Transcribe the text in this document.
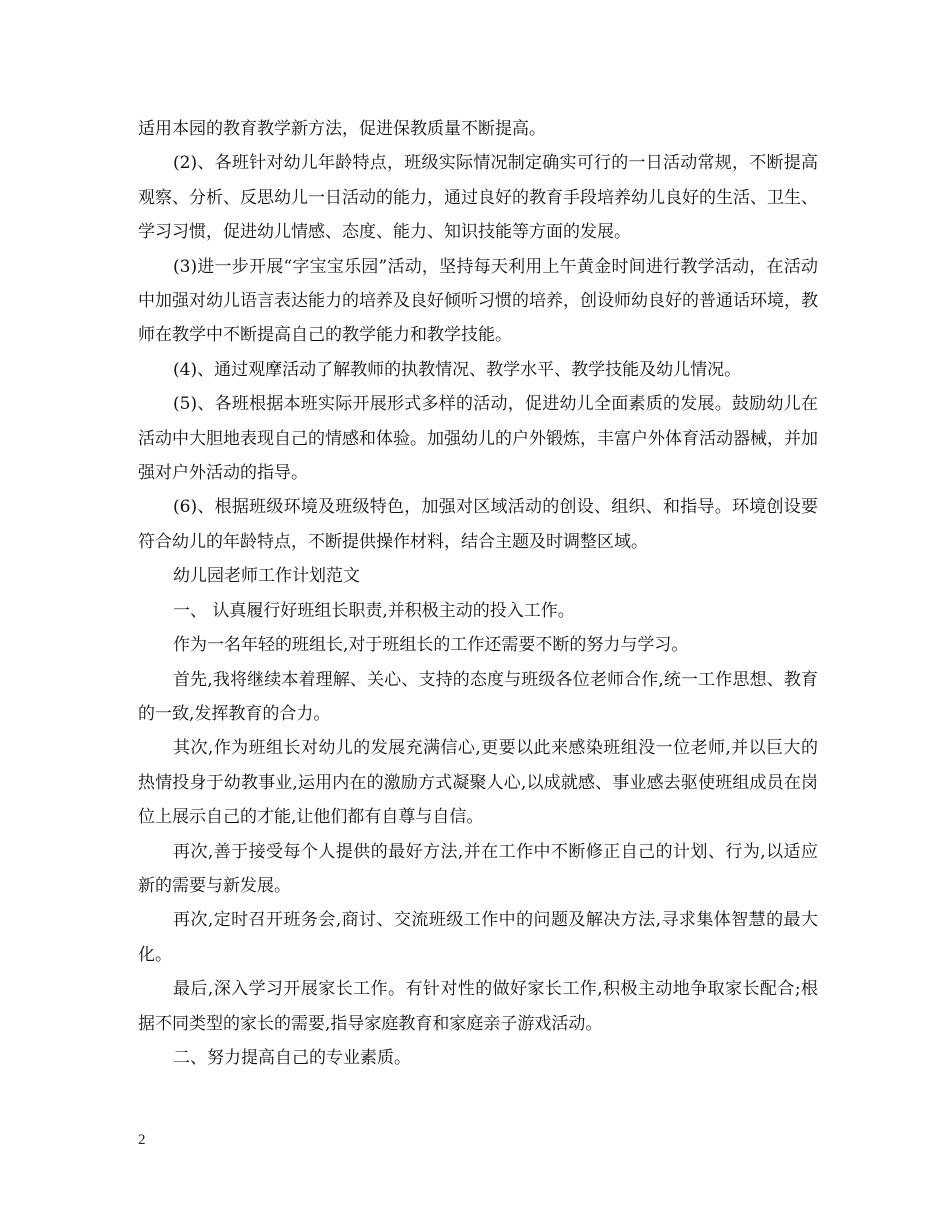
适用本园的教育教学新方法，促进保教质量不断提高。

(2)、各班针对幼儿年龄特点，班级实际情况制定确实可行的一日活动常规，不断提高观察、分析、反思幼儿一日活动的能力，通过良好的教育手段培养幼儿良好的生活、卫生、学习习惯，促进幼儿情感、态度、能力、知识技能等方面的发展。

(3)进一步开展“字宝宝乐园”活动，坚持每天利用上午黄金时间进行教学活动，在活动中加强对幼儿语言表达能力的培养及良好倾听习惯的培养，创设师幼良好的普通话环境，教师在教学中不断提高自己的教学能力和教学技能。

(4)、通过观摩活动了解教师的执教情况、教学水平、教学技能及幼儿情况。

(5)、各班根据本班实际开展形式多样的活动，促进幼儿全面素质的发展。鼓励幼儿在活动中大胆地表现自己的情感和体验。加强幼儿的户外锻炼，丰富户外体育活动器械，并加强对户外活动的指导。

(6)、根据班级环境及班级特色，加强对区域活动的创设、组织、和指导。环境创设要符合幼儿的年龄特点，不断提供操作材料，结合主题及时调整区域。

幼儿园老师工作计划范文

一、 认真履行好班组长职责,并积极主动的投入工作。

作为一名年轻的班组长,对于班组长的工作还需要不断的努力与学习。

首先,我将继续本着理解、关心、支持的态度与班级各位老师合作,统一工作思想、教育的一致,发挥教育的合力。

其次,作为班组长对幼儿的发展充满信心,更要以此来感染班组没一位老师,并以巨大的热情投身于幼教事业,运用内在的激励方式凝聚人心,以成就感、事业感去驱使班组成员在岗位上展示自己的才能,让他们都有自尊与自信。

再次,善于接受每个人提供的最好方法,并在工作中不断修正自己的计划、行为,以适应新的需要与新发展。

再次,定时召开班务会,商讨、交流班级工作中的问题及解决方法,寻求集体智慧的最大化。

最后,深入学习开展家长工作。有针对性的做好家长工作,积极主动地争取家长配合;根据不同类型的家长的需要,指导家庭教育和家庭亲子游戏活动。

二、努力提高自己的专业素质。

2
